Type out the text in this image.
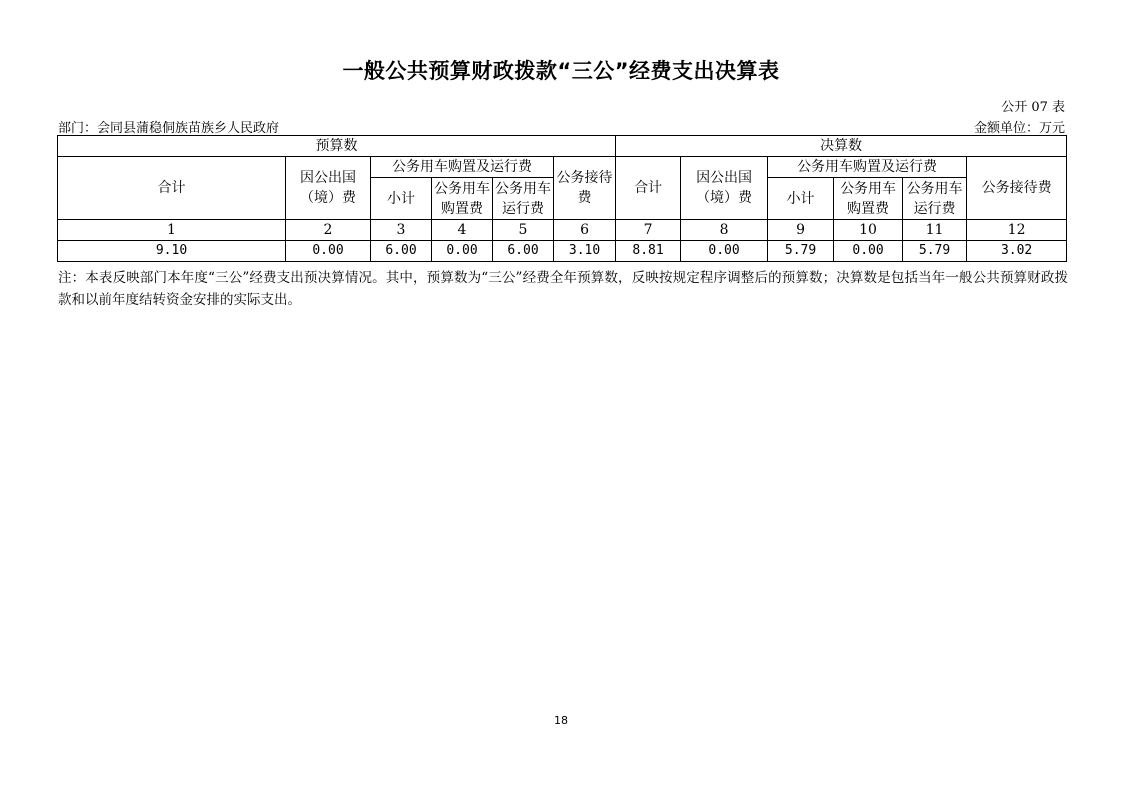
一般公共预算财政拨款“三公”经费支出决算表
公开 07 表
部门：会同县蒲稳侗族苗族乡人民政府	金额单位：万元
预算数						决算数					
合计	因公出国（境）费	公务用车购置及运行费			公务接待费	合计	因公出国（境）费	公务用车购置及运行费			公务接待费
		小计	公务用车购置费	公务用车运行费				小计	公务用车购置费	公务用车运行费	
1	2	3	4	5	6	7	8	9	10	11	12
9.10	0.00	6.00	0.00	6.00	3.10	8.81	0.00	5.79	0.00	5.79	3.02
注：本表反映部门本年度“三公”经费支出预决算情况。其中，预算数为“三公”经费全年预算数，反映按规定程序调整后的预算数；决算数是包括当年一般公共预算财政拨款和以前年度结转资金安排的实际支出。
18
